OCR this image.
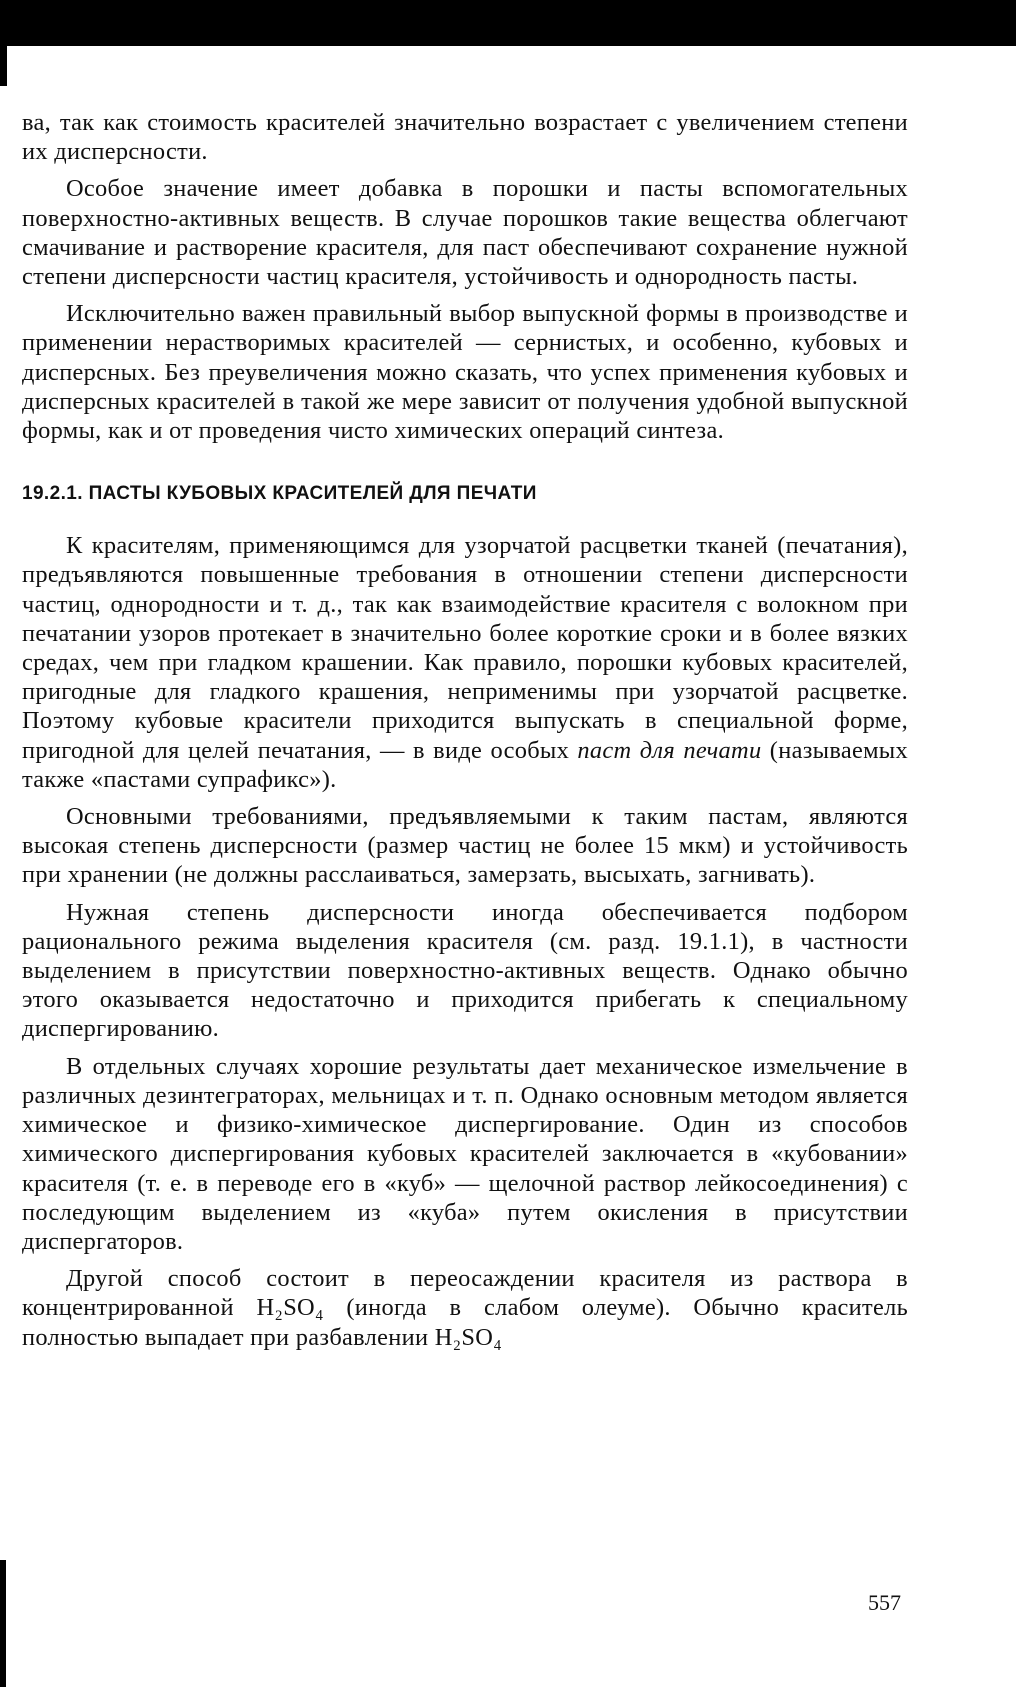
ва, так как стоимость красителей значительно возрастает с увеличением степени их дисперсности.

Особое значение имеет добавка в порошки и пасты вспомогательных поверхностно-активных веществ. В случае порошков такие вещества облегчают смачивание и растворение красителя, для паст обеспечивают сохранение нужной степени дисперсности частиц красителя, устойчивость и однородность пасты.

Исключительно важен правильный выбор выпускной формы в производстве и применении нерастворимых красителей — сернистых, и особенно, кубовых и дисперсных. Без преувеличения можно сказать, что успех применения кубовых и дисперсных красителей в такой же мере зависит от получения удобной выпускной формы, как и от проведения чисто химических операций синтеза.

19.2.1. ПАСТЫ КУБОВЫХ КРАСИТЕЛЕЙ ДЛЯ ПЕЧАТИ

К красителям, применяющимся для узорчатой расцветки тканей (печатания), предъявляются повышенные требования в отношении степени дисперсности частиц, однородности и т. д., так как взаимодействие красителя с волокном при печатании узоров протекает в значительно более короткие сроки и в более вязких средах, чем при гладком крашении. Как правило, порошки кубовых красителей, пригодные для гладкого крашения, неприменимы при узорчатой расцветке. Поэтому кубовые красители приходится выпускать в специальной форме, пригодной для целей печатания, — в виде особых паст для печати (называемых также «пастами супрафикс»).

Основными требованиями, предъявляемыми к таким пастам, являются высокая степень дисперсности (размер частиц не более 15 мкм) и устойчивость при хранении (не должны расслаиваться, замерзать, высыхать, загнивать).

Нужная степень дисперсности иногда обеспечивается подбором рационального режима выделения красителя (см. разд. 19.1.1), в частности выделением в присутствии поверхностно-активных веществ. Однако обычно этого оказывается недостаточно и приходится прибегать к специальному диспергированию.

В отдельных случаях хорошие результаты дает механическое измельчение в различных дезинтеграторах, мельницах и т. п. Однако основным методом является химическое и физико-химическое диспергирование. Один из способов химического диспергирования кубовых красителей заключается в «кубовании» красителя (т. е. в переводе его в «куб» — щелочной раствор лейкосоединения) с последующим выделением из «куба» путем окисления в присутствии диспергаторов.

Другой способ состоит в переосаждении красителя из раствора в концентрированной H₂SO₄ (иногда в слабом олеуме). Обычно краситель полностью выпадает при разбавлении H₂SO₄

557
